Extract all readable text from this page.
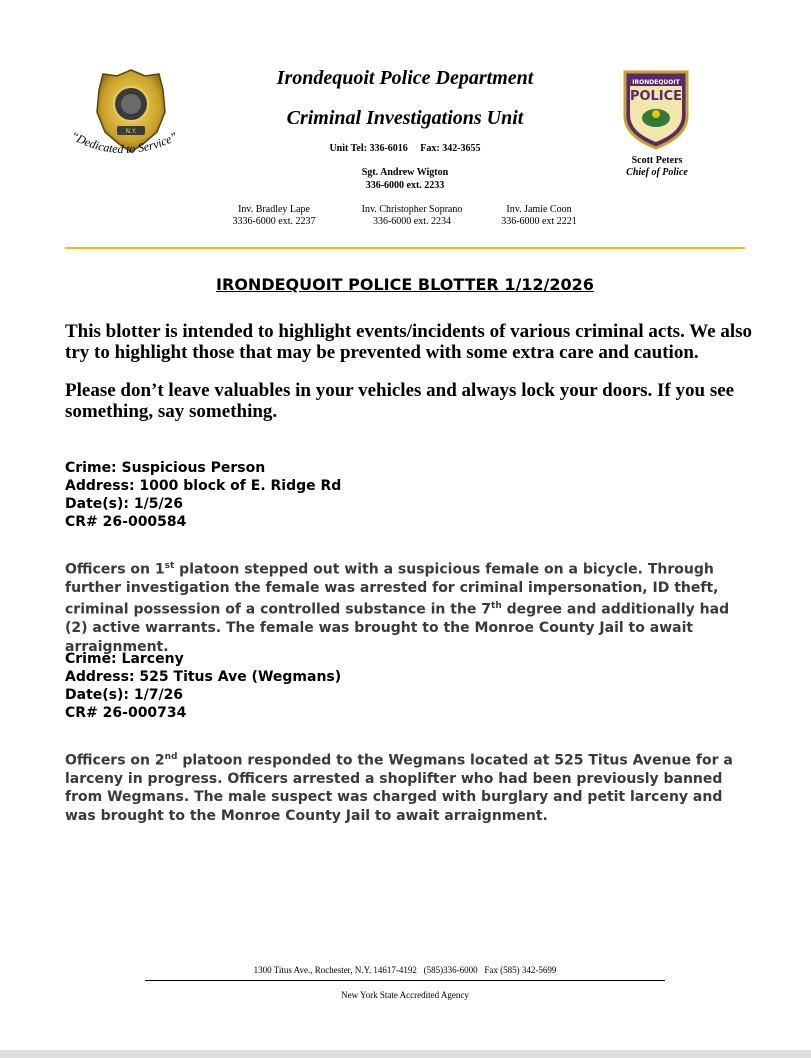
N.Y.
“Dedicated to Service”
Irondequoit Police Department
Criminal Investigations Unit
Unit Tel: 336-6016     Fax: 342-3655
Sgt. Andrew Wigton
336-6000 ext. 2233
Inv. Bradley Lape
3336-6000 ext. 2237
Inv. Christopher Soprano
336-6000 ext. 2234
Inv. Jamie Coon
336-6000 ext 2221
IRONDEQUOIT
POLICE
Scott Peters
Chief of Police
IRONDEQUOIT POLICE BLOTTER 1/12/2026
This blotter is intended to highlight events/incidents of various criminal acts. We also try to highlight those that may be prevented with some extra care and caution.
Please don’t leave valuables in your vehicles and always lock your doors. If you see something, say something.
Crime: Suspicious Person
Address: 1000 block of E. Ridge Rd
Date(s): 1/5/26
CR# 26-000584
Officers on 1st platoon stepped out with a suspicious female on a bicycle. Through further investigation the female was arrested for criminal impersonation, ID theft, criminal possession of a controlled substance in the 7th degree and additionally had (2) active warrants. The female was brought to the Monroe County Jail to await arraignment.
Crime: Larceny
Address: 525 Titus Ave (Wegmans)
Date(s): 1/7/26
CR# 26-000734
Officers on 2nd platoon responded to the Wegmans located at 525 Titus Avenue for a larceny in progress. Officers arrested a shoplifter who had been previously banned from Wegmans. The male suspect was charged with burglary and petit larceny and was brought to the Monroe County Jail to await arraignment.
1300 Titus Ave., Rochester, N.Y. 14617-4192   (585)336-6000   Fax (585) 342-5699
New York State Accredited Agency
